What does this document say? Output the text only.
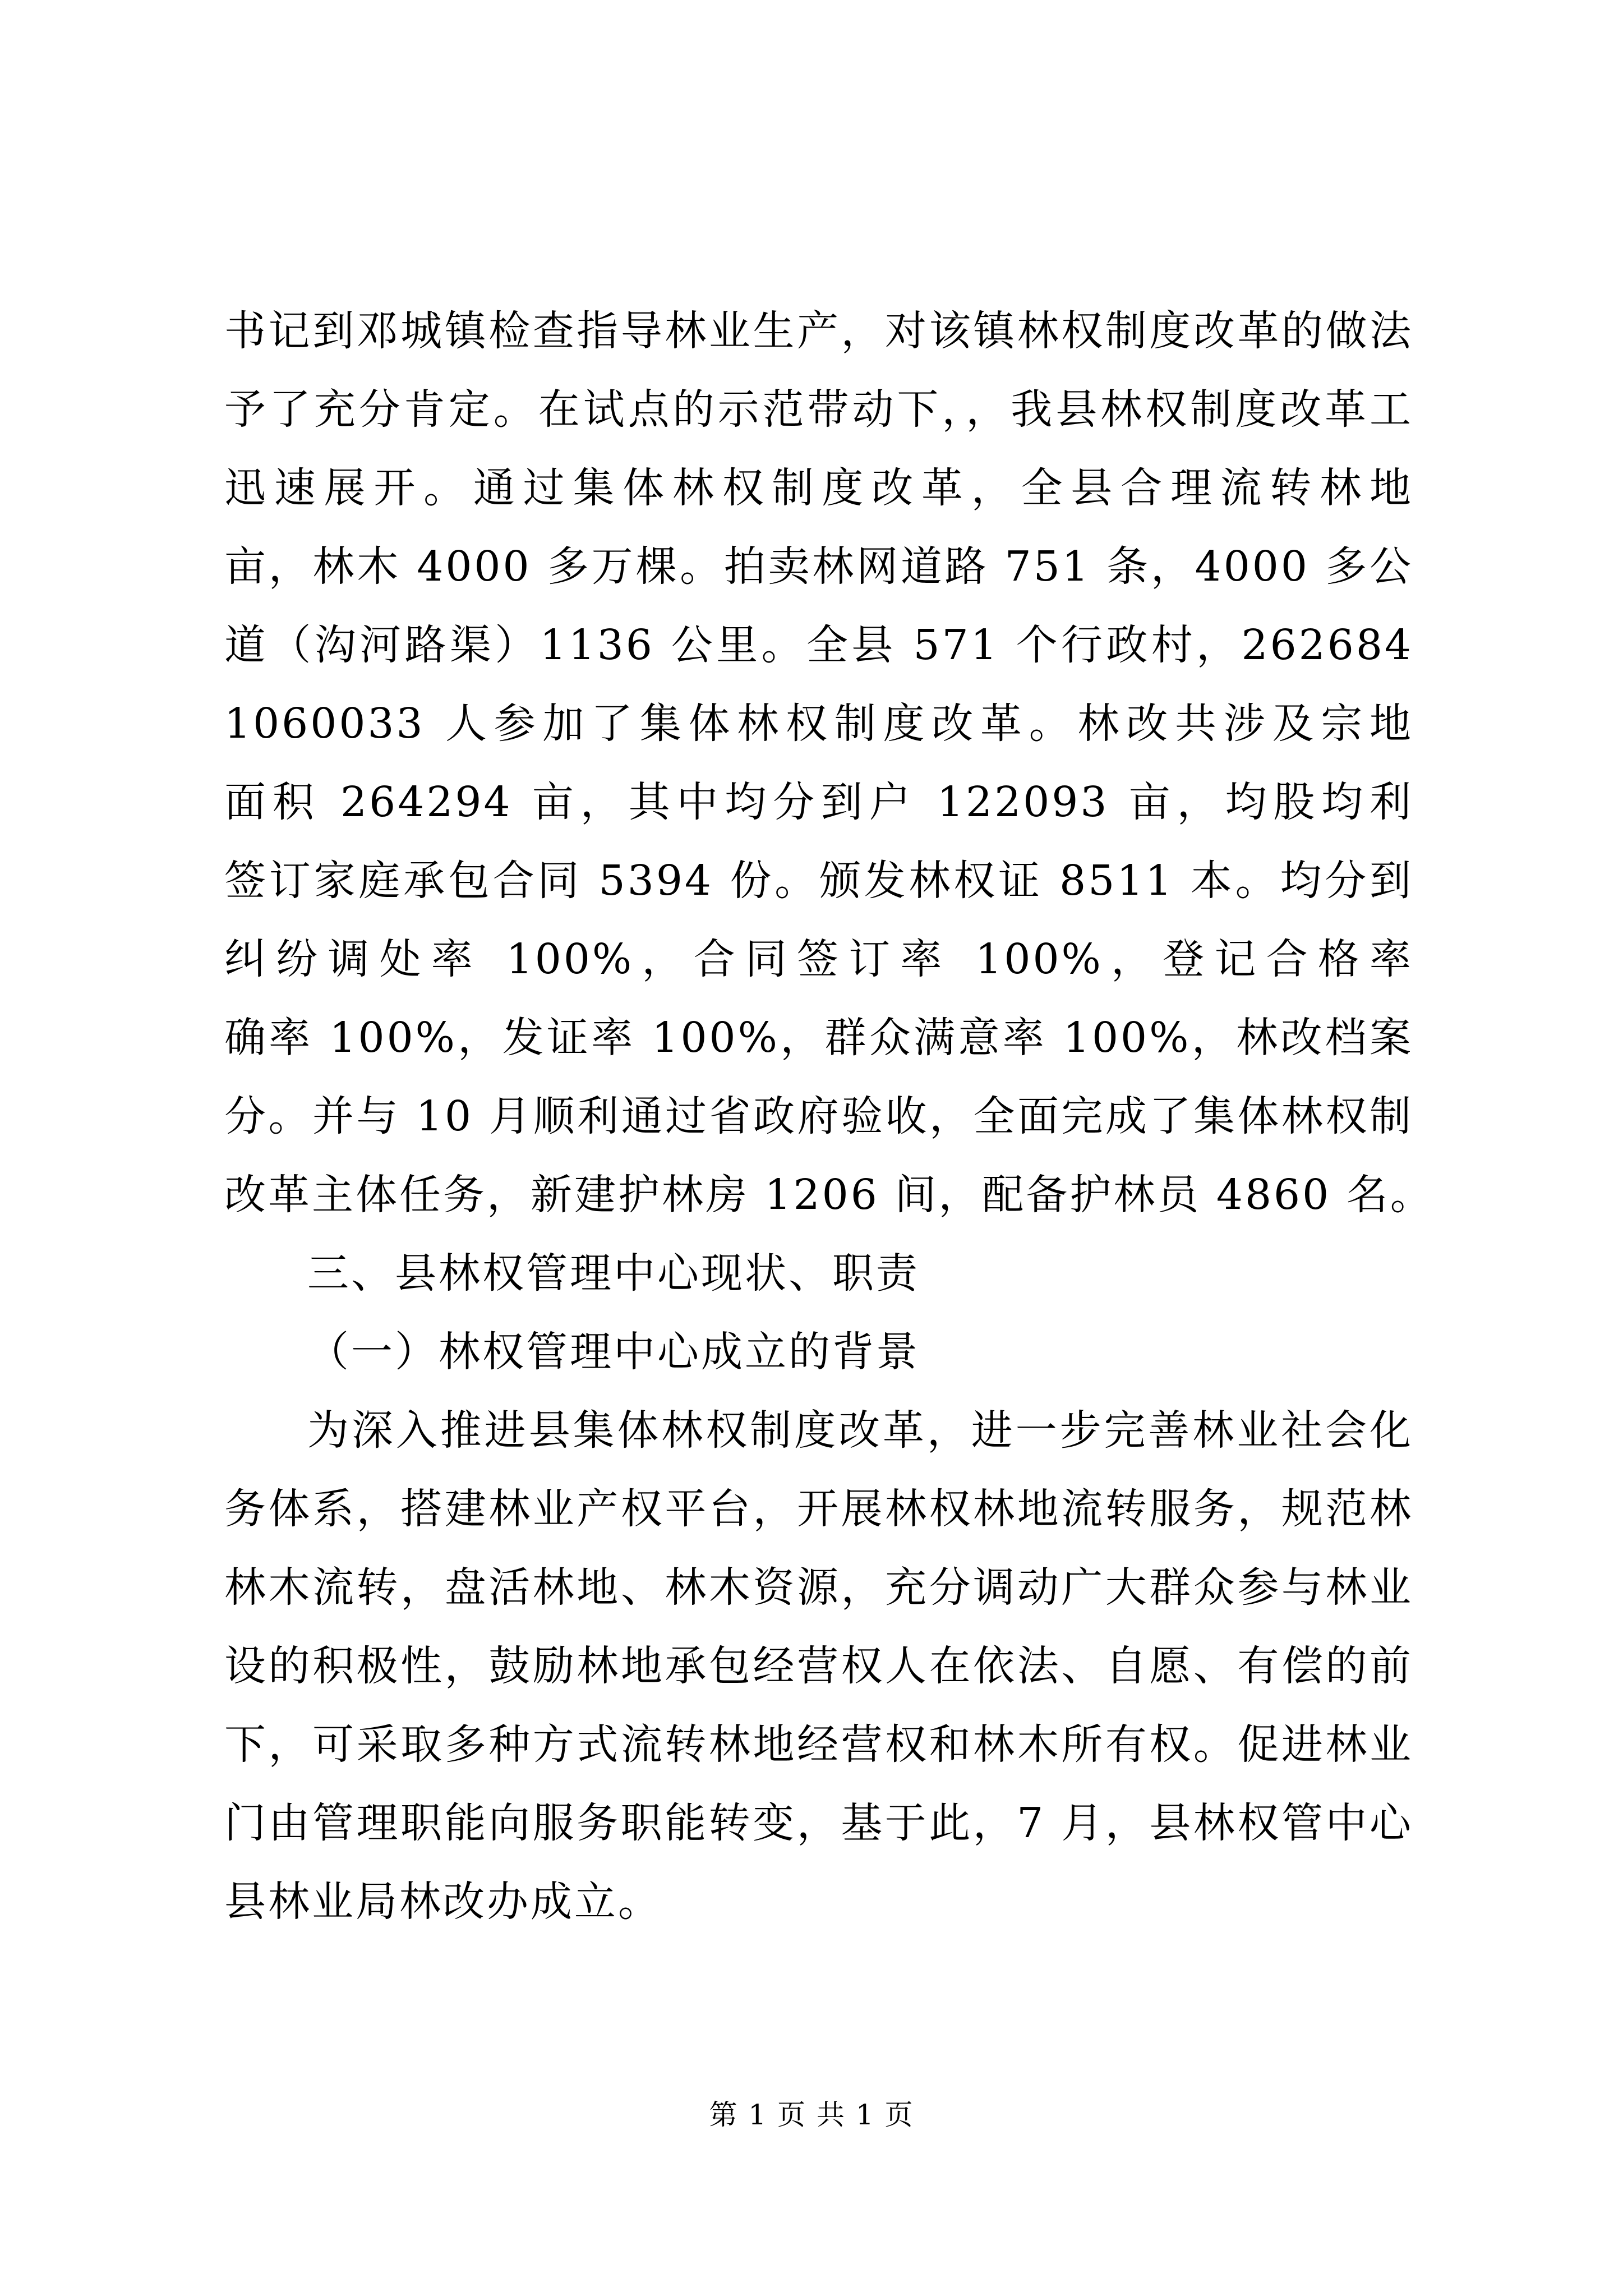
书记到邓城镇检查指导林业生产，对该镇林权制度改革的做法
予了充分肯定。在试点的示范带动下，，我县林权制度改革工
迅速展开。通过集体林权制度改革，全县合理流转林地
亩，林木 4000 多万棵。拍卖林网道路 751 条，4000 多公
道（沟河路渠）1136 公里。全县 571 个行政村，262684
1060033 人参加了集体林权制度改革。林改共涉及宗地
面积 264294 亩，其中均分到户 122093 亩，均股均利
签订家庭承包合同 5394 份。颁发林权证 8511 本。均分到
纠纷调处率 100%，合同签订率 100%，登记合格率
确率 100%，发证率 100%，群众满意率 100%，林改档案
分。并与 10 月顺利通过省政府验收，全面完成了集体林权制
改革主体任务，新建护林房 1206 间，配备护林员 4860 名。
三、县林权管理中心现状、职责
（一）林权管理中心成立的背景
为深入推进县集体林权制度改革，进一步完善林业社会化
务体系，搭建林业产权平台，开展林权林地流转服务，规范林
林木流转，盘活林地、林木资源，充分调动广大群众参与林业
设的积极性，鼓励林地承包经营权人在依法、自愿、有偿的前
下，可采取多种方式流转林地经营权和林木所有权。促进林业
门由管理职能向服务职能转变，基于此，7 月，县林权管中心
县林业局林改办成立。
第 1 页 共 1 页
